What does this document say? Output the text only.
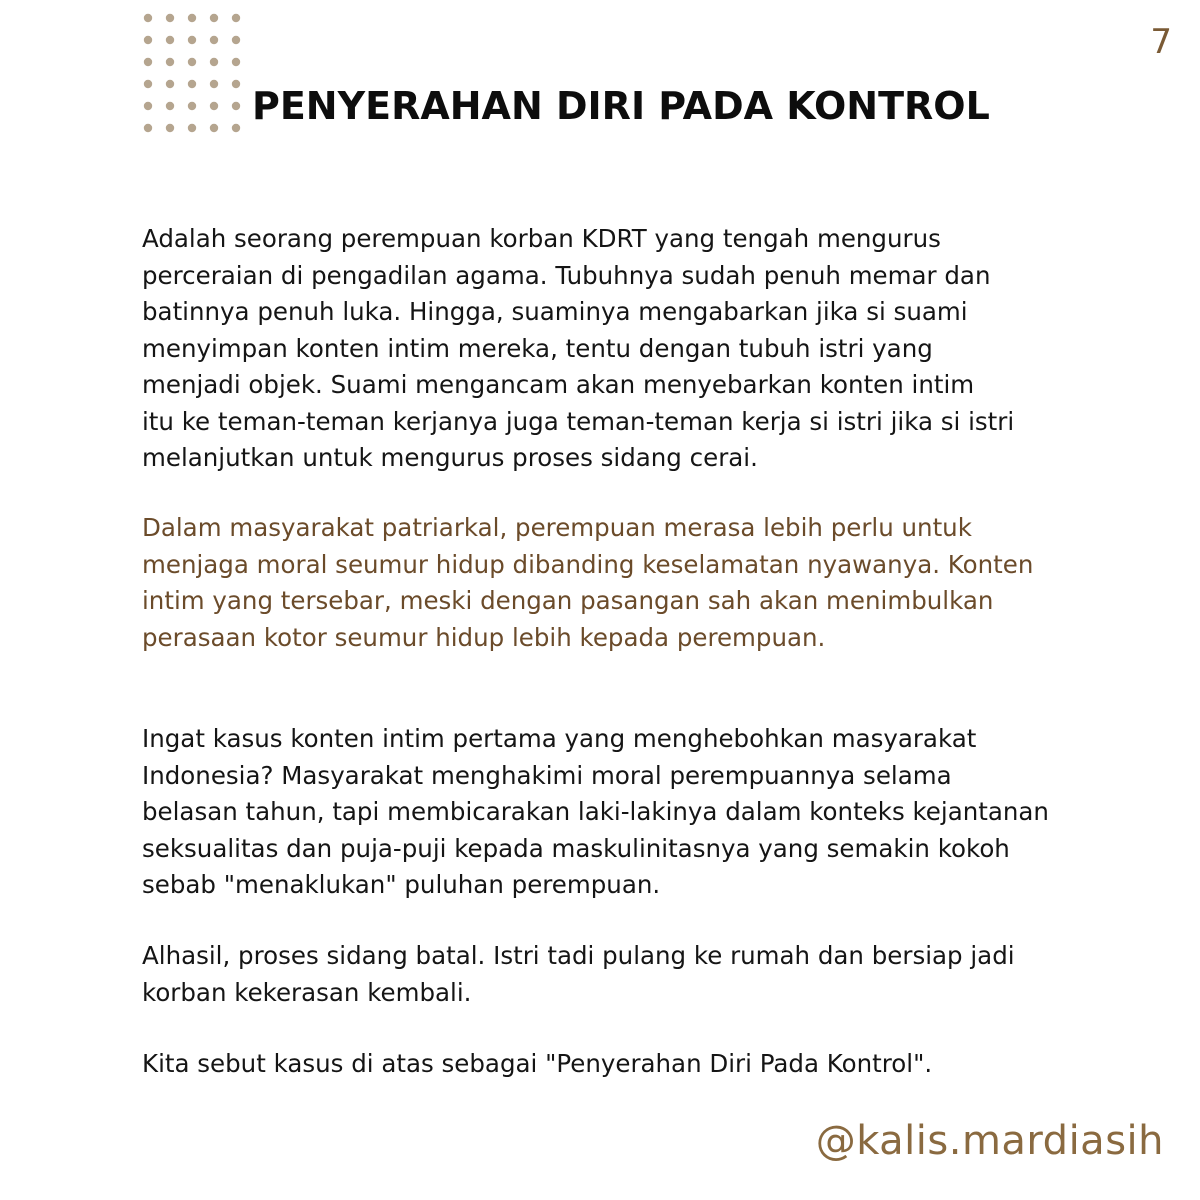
7
PENYERAHAN DIRI PADA KONTROL

Adalah seorang perempuan korban KDRT yang tengah mengurus
perceraian di pengadilan agama. Tubuhnya sudah penuh memar dan
batinnya penuh luka. Hingga, suaminya mengabarkan jika si suami
menyimpan konten intim mereka, tentu dengan tubuh istri yang
menjadi objek. Suami mengancam akan menyebarkan konten intim
itu ke teman-teman kerjanya juga teman-teman kerja si istri jika si istri
melanjutkan untuk mengurus proses sidang cerai.

Dalam masyarakat patriarkal, perempuan merasa lebih perlu untuk
menjaga moral seumur hidup dibanding keselamatan nyawanya. Konten
intim yang tersebar, meski dengan pasangan sah akan menimbulkan
perasaan kotor seumur hidup lebih kepada perempuan.

Ingat kasus konten intim pertama yang menghebohkan masyarakat
Indonesia? Masyarakat menghakimi moral perempuannya selama
belasan tahun, tapi membicarakan laki-lakinya dalam konteks kejantanan
seksualitas dan puja-puji kepada maskulinitasnya yang semakin kokoh
sebab "menaklukan" puluhan perempuan.

Alhasil, proses sidang batal. Istri tadi pulang ke rumah dan bersiap jadi
korban kekerasan kembali.

Kita sebut kasus di atas sebagai "Penyerahan Diri Pada Kontrol".

@kalis.mardiasih
